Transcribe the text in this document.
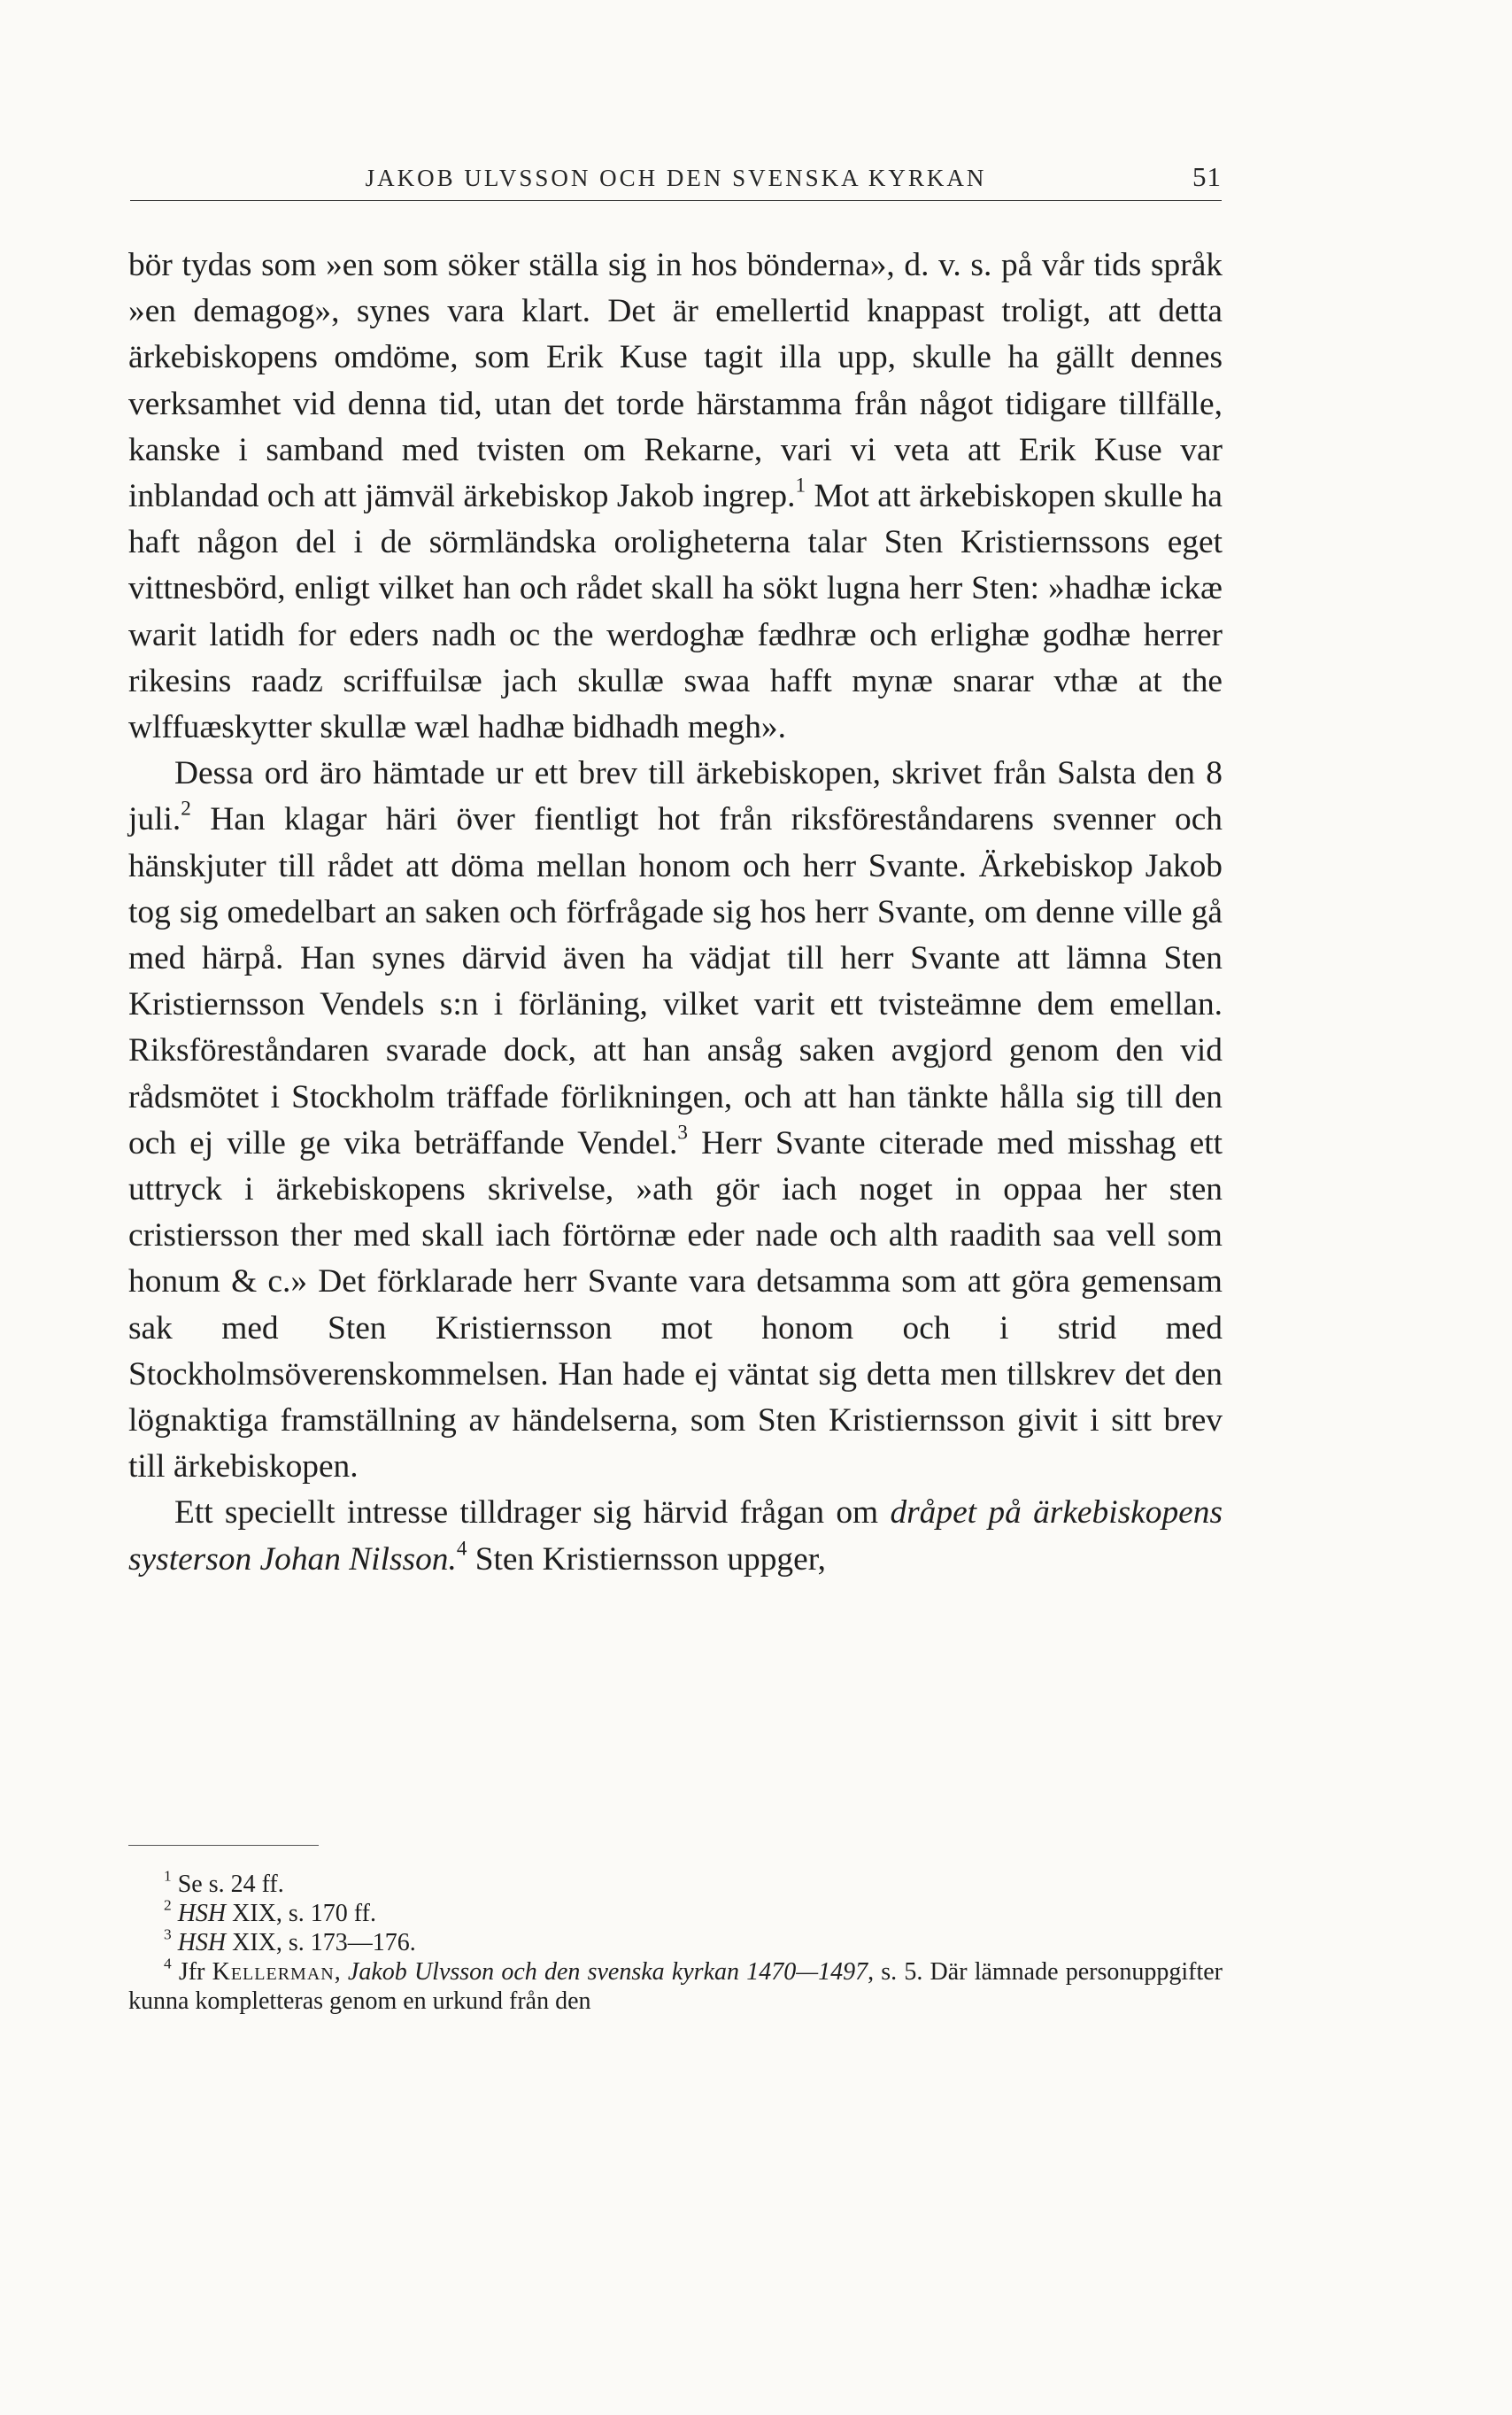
JAKOB ULVSSON OCH DEN SVENSKA KYRKAN	51

bör tydas som »en som söker ställa sig in hos bönderna», d. v. s. på vår tids språk »en demagog», synes vara klart. Det är emellertid knappast troligt, att detta ärkebiskopens omdöme, som Erik Kuse tagit illa upp, skulle ha gällt dennes verksamhet vid denna tid, utan det torde härstamma från något tidigare tillfälle, kanske i samband med tvisten om Rekarne, vari vi veta att Erik Kuse var inblandad och att jämväl ärkebiskop Jakob ingrep.$^1$ Mot att ärkebiskopen skulle ha haft någon del i de sörmländska oroligheterna talar Sten Kristiernssons eget vittnesbörd, enligt vilket han och rådet skall ha sökt lugna herr Sten: »hadhæ ickæ warit latidh for eders nadh oc the werdoghæ fædhræ och erlighæ godhæ herrer rikesins raadz scriffuilsæ jach skullæ swaa hafft mynæ snarar vthæ at the wlffuæskytter skullæ wæl hadhæ bidhadh megh».

Dessa ord äro hämtade ur ett brev till ärkebiskopen, skrivet från Salsta den 8 juli.$^2$ Han klagar häri över fientligt hot från riksföreståndarens svenner och hänskjuter till rådet att döma mellan honom och herr Svante. Ärkebiskop Jakob tog sig omedelbart an saken och förfrågade sig hos herr Svante, om denne ville gå med härpå. Han synes därvid även ha vädjat till herr Svante att lämna Sten Kristiernsson Vendels s:n i förläning, vilket varit ett tvisteämne dem emellan. Riksföreståndaren svarade dock, att han ansåg saken avgjord genom den vid rådsmötet i Stockholm träffade förlikningen, och att han tänkte hålla sig till den och ej ville ge vika beträffande Vendel.$^3$ Herr Svante citerade med misshag ett uttryck i ärkebiskopens skrivelse, »ath gör iach noget in oppaa her sten cristiersson ther med skall iach förtörnæ eder nade och alth raadith saa vell som honum & c.» Det förklarade herr Svante vara detsamma som att göra gemensam sak med Sten Kristiernsson mot honom och i strid med Stockholmsöverenskommelsen. Han hade ej väntat sig detta men tillskrev det den lögnaktiga framställning av händelserna, som Sten Kristiernsson givit i sitt brev till ärkebiskopen.

Ett speciellt intresse tilldrager sig härvid frågan om dråpet på ärkebiskopens systerson Johan Nilsson.$^4$ Sten Kristiernsson uppger,

$^1$ Se s. 24 ff.

$^2$ HSH XIX, s. 170 ff.

$^3$ HSH XIX, s. 173—176.

$^4$ Jfr Kellerman, Jakob Ulvsson och den svenska kyrkan 1470—1497, s. 5. Där lämnade personuppgifter kunna kompletteras genom en urkund från den
